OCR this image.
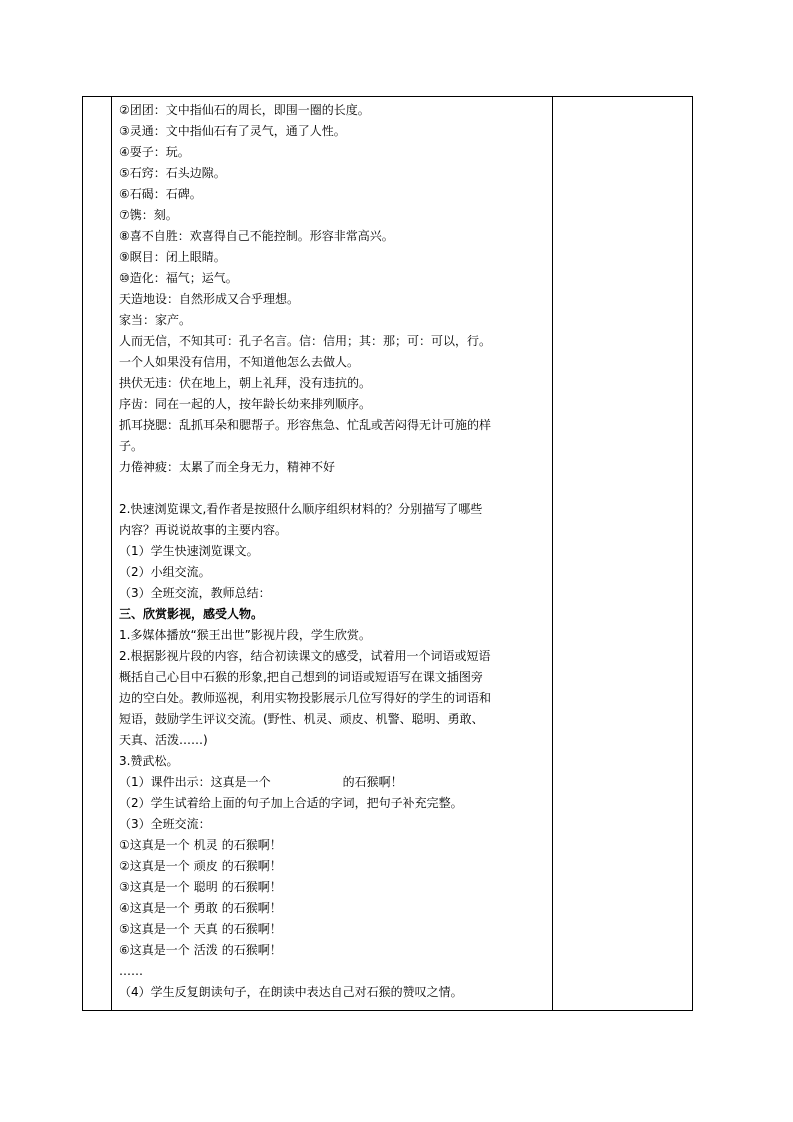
②团团：文中指仙石的周长，即围一圈的长度。
③灵通：文中指仙石有了灵气，通了人性。
④耍子：玩。
⑤石窍：石头边隙。
⑥石碣：石碑。
⑦镌：刻。
⑧喜不自胜：欢喜得自己不能控制。形容非常高兴。
⑨瞑目：闭上眼睛。
⑩造化：福气；运气。
天造地设：自然形成又合乎理想。
家当：家产。
人而无信，不知其可：孔子名言。信：信用；其：那；可：可以，行。
一个人如果没有信用，不知道他怎么去做人。
拱伏无违：伏在地上，朝上礼拜，没有违抗的。
序齿：同在一起的人，按年龄长幼来排列顺序。
抓耳挠腮：乱抓耳朵和腮帮子。形容焦急、忙乱或苦闷得无计可施的样
子。
力倦神疲：太累了而全身无力，精神不好
2.快速浏览课文,看作者是按照什么顺序组织材料的？分别描写了哪些
内容？再说说故事的主要内容。
（1）学生快速浏览课文。
（2）小组交流。
（3）全班交流，教师总结：
三、欣赏影视，感受人物。
1.多媒体播放“猴王出世”影视片段，学生欣赏。
2.根据影视片段的内容，结合初读课文的感受，试着用一个词语或短语
概括自己心目中石猴的形象,把自己想到的词语或短语写在课文插图旁
边的空白处。教师巡视，利用实物投影展示几位写得好的学生的词语和
短语，鼓励学生评议交流。(野性、机灵、顽皮、机警、聪明、勇敢、
天真、活泼……)
3.赞武松。
（1）课件出示：这真是一个	的石猴啊！
（2）学生试着给上面的句子加上合适的字词，把句子补充完整。
（3）全班交流：
①这真是一个 机灵 的石猴啊！
②这真是一个 顽皮 的石猴啊！
③这真是一个 聪明 的石猴啊！
④这真是一个 勇敢 的石猴啊！
⑤这真是一个 天真 的石猴啊！
⑥这真是一个 活泼 的石猴啊！
……
（4）学生反复朗读句子，在朗读中表达自己对石猴的赞叹之情。
